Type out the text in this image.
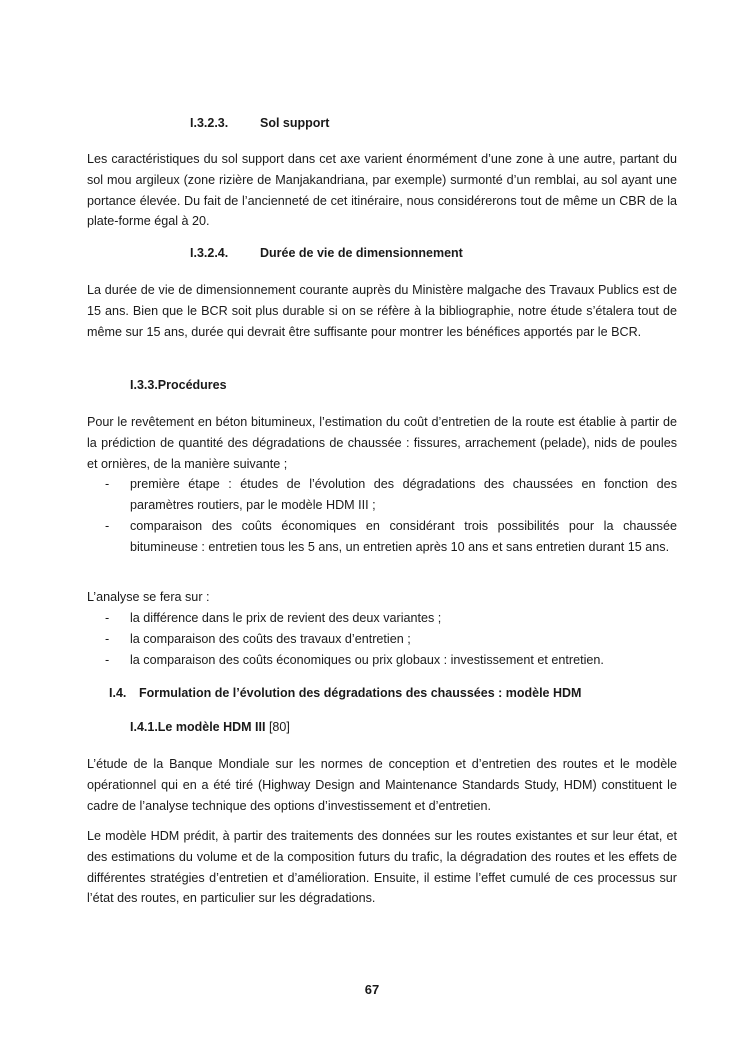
I.3.2.3.	Sol support
Les caractéristiques du sol support dans cet axe varient énormément d’une zone à une autre, partant du sol mou argileux (zone rizière de Manjakandriana, par exemple) surmonté d’un remblai, au sol ayant une portance élevée. Du fait de l’ancienneté de cet itinéraire, nous considérerons tout de même un CBR de la plate-forme égal à 20.
I.3.2.4.	Durée de vie de dimensionnement
La durée de vie de dimensionnement courante auprès du Ministère malgache des Travaux Publics est de 15 ans. Bien que le BCR soit plus durable si on se réfère à la bibliographie, notre étude s’étalera tout de même sur 15 ans, durée qui devrait être suffisante pour montrer les bénéfices apportés par le BCR.
I.3.3.Procédures
Pour le revêtement en béton bitumineux, l’estimation du coût d’entretien de la route est établie à partir de la prédiction de quantité des dégradations de chaussée : fissures, arrachement (pelade), nids de poules et ornières, de la manière suivante ;
- première étape : études de l’évolution des dégradations des chaussées en fonction des paramètres routiers, par le modèle HDM III ;
- comparaison des coûts économiques en considérant trois possibilités pour la chaussée bitumineuse : entretien tous les 5 ans, un entretien après 10 ans et sans entretien durant 15 ans.
L’analyse se fera sur :
- la différence dans le prix de revient des deux variantes ;
- la comparaison des coûts des travaux d’entretien ;
- la comparaison des coûts économiques ou prix globaux : investissement et entretien.
I.4. Formulation de l’évolution des dégradations des chaussées : modèle HDM
I.4.1.Le modèle HDM III [80]
L’étude de la Banque Mondiale sur les normes de conception et d’entretien des routes et le modèle opérationnel qui en a été tiré (Highway Design and Maintenance Standards Study, HDM) constituent le cadre de l’analyse technique des options d’investissement et d’entretien.
Le modèle HDM prédit, à partir des traitements des données sur les routes existantes et sur leur état, et des estimations du volume et de la composition futurs du trafic, la dégradation des routes et les effets de différentes stratégies d’entretien et d’amélioration. Ensuite, il estime l’effet cumulé de ces processus sur l’état des routes, en particulier sur les dégradations.
67
